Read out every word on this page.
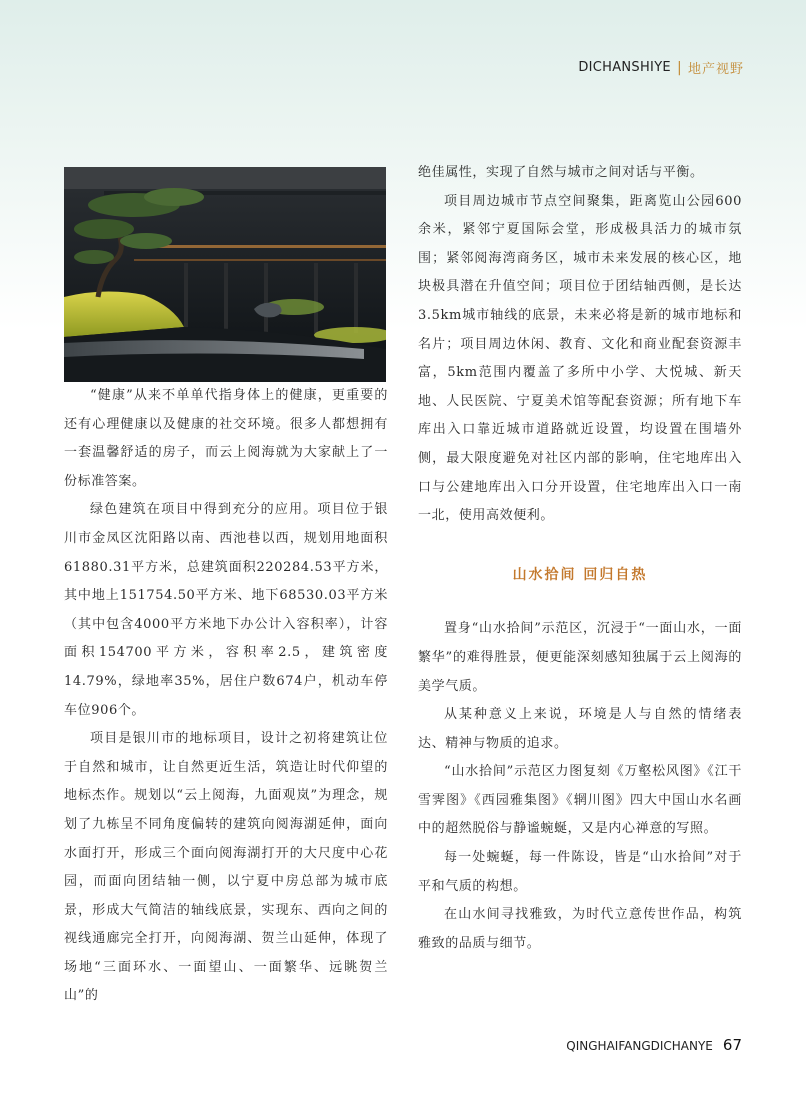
DICHANSHIYE | 地产视野

“健康”从来不单单代指身体上的健康，更重要的还有心理健康以及健康的社交环境。很多人都想拥有一套温馨舒适的房子，而云上阅海就为大家献上了一份标准答案。

绿色建筑在项目中得到充分的应用。项目位于银川市金凤区沈阳路以南、西池巷以西，规划用地面积61880.31平方米，总建筑面积220284.53平方米，其中地上151754.50平方米、地下68530.03平方米（其中包含4000平方米地下办公计入容积率），计容面积154700平方米，容积率2.5，建筑密度14.79%，绿地率35%，居住户数674户，机动车停车位906个。

项目是银川市的地标项目，设计之初将建筑让位于自然和城市，让自然更近生活，筑造让时代仰望的地标杰作。规划以“云上阅海，九面观岚”为理念，规划了九栋呈不同角度偏转的建筑向阅海湖延伸，面向水面打开，形成三个面向阅海湖打开的大尺度中心花园，而面向团结轴一侧，以宁夏中房总部为城市底景，形成大气简洁的轴线底景，实现东、西向之间的视线通廊完全打开，向阅海湖、贺兰山延伸，体现了场地“三面环水、一面望山、一面繁华、远眺贺兰山”的

绝佳属性，实现了自然与城市之间对话与平衡。

项目周边城市节点空间聚集，距离览山公园600余米，紧邻宁夏国际会堂，形成极具活力的城市氛围；紧邻阅海湾商务区，城市未来发展的核心区，地块极具潜在升值空间；项目位于团结轴西侧，是长达3.5km城市轴线的底景，未来必将是新的城市地标和名片；项目周边休闲、教育、文化和商业配套资源丰富，5km范围内覆盖了多所中小学、大悦城、新天地、人民医院、宁夏美术馆等配套资源；所有地下车库出入口靠近城市道路就近设置，均设置在围墙外侧，最大限度避免对社区内部的影响，住宅地库出入口与公建地库出入口分开设置，住宅地库出入口一南一北，使用高效便利。

山水拾间 回归自热

置身“山水拾间”示范区，沉浸于“一面山水，一面繁华”的难得胜景，便更能深刻感知独属于云上阅海的美学气质。

从某种意义上来说，环境是人与自然的情绪表达、精神与物质的追求。

“山水拾间”示范区力图复刻《万壑松风图》《江干雪霁图》《西园雅集图》《辋川图》四大中国山水名画中的超然脱俗与静谧蜿蜒，又是内心禅意的写照。

每一处蜿蜒，每一件陈设，皆是“山水拾间”对于平和气质的构想。

在山水间寻找雅致，为时代立意传世作品，构筑雅致的品质与细节。

QINGHAIFANGDICHANYE 67
